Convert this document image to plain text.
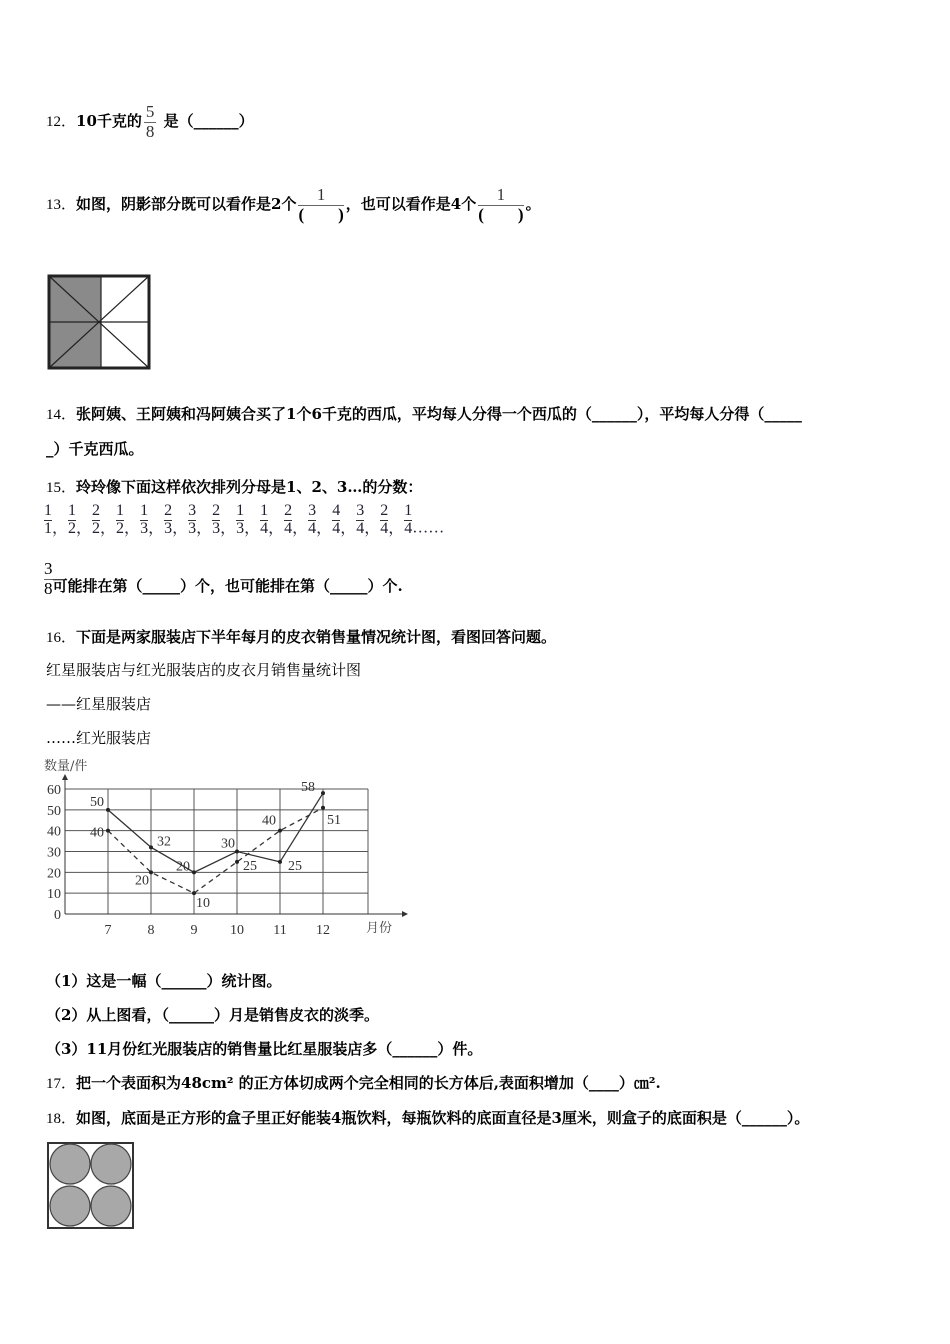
12．10千克的 $\frac{5}{8}$ 是（______）
13．如图，阴影部分既可以看作是2个 $\frac{1}{( )}$ ，也可以看作是4个 $\frac{1}{( )}$ 。
14．张阿姨、王阿姨和冯阿姨合买了1个6千克的西瓜，平均每人分得一个西瓜的（______），平均每人分得（_____
_）千克西瓜。
15．玲玲像下面这样依次排列分母是1、2、3…的分数：
$\frac{1}{1}$ ， $\frac{1}{2}$ ， $\frac{2}{2}$ ， $\frac{1}{2}$ ， $\frac{1}{3}$ ， $\frac{2}{3}$ ， $\frac{3}{3}$ ， $\frac{2}{3}$ ， $\frac{1}{3}$ ， $\frac{1}{4}$ ， $\frac{2}{4}$ ， $\frac{3}{4}$ ， $\frac{4}{4}$ ， $\frac{3}{4}$ ， $\frac{2}{4}$ ， $\frac{1}{4}$ ……
$\frac{3}{8}$ 可能排在第（_____）个，也可能排在第（_____）个.
16．下面是两家服装店下半年每月的皮衣销售量情况统计图，看图回答问题。
红星服装店与红光服装店的皮衣月销售量统计图
——红星服装店
……红光服装店
0
10
20
30
40
50
60
7	8	9 10 11 12
数量/件
月份
50
32
20
30
25
58
40
20
10
25
40	51
（1）这是一幅（______）统计图。
（2）从上图看，（______）月是销售皮衣的淡季。
（3）11月份红光服装店的销售量比红星服装店多（______）件。
17．把一个表面积为48cm² 的正方体切成两个完全相同的长方体后,表面积增加（____）㎝².
18．如图，底面是正方形的盒子里正好能装4瓶饮料，每瓶饮料的底面直径是3厘米，则盒子的底面积是（______）。
